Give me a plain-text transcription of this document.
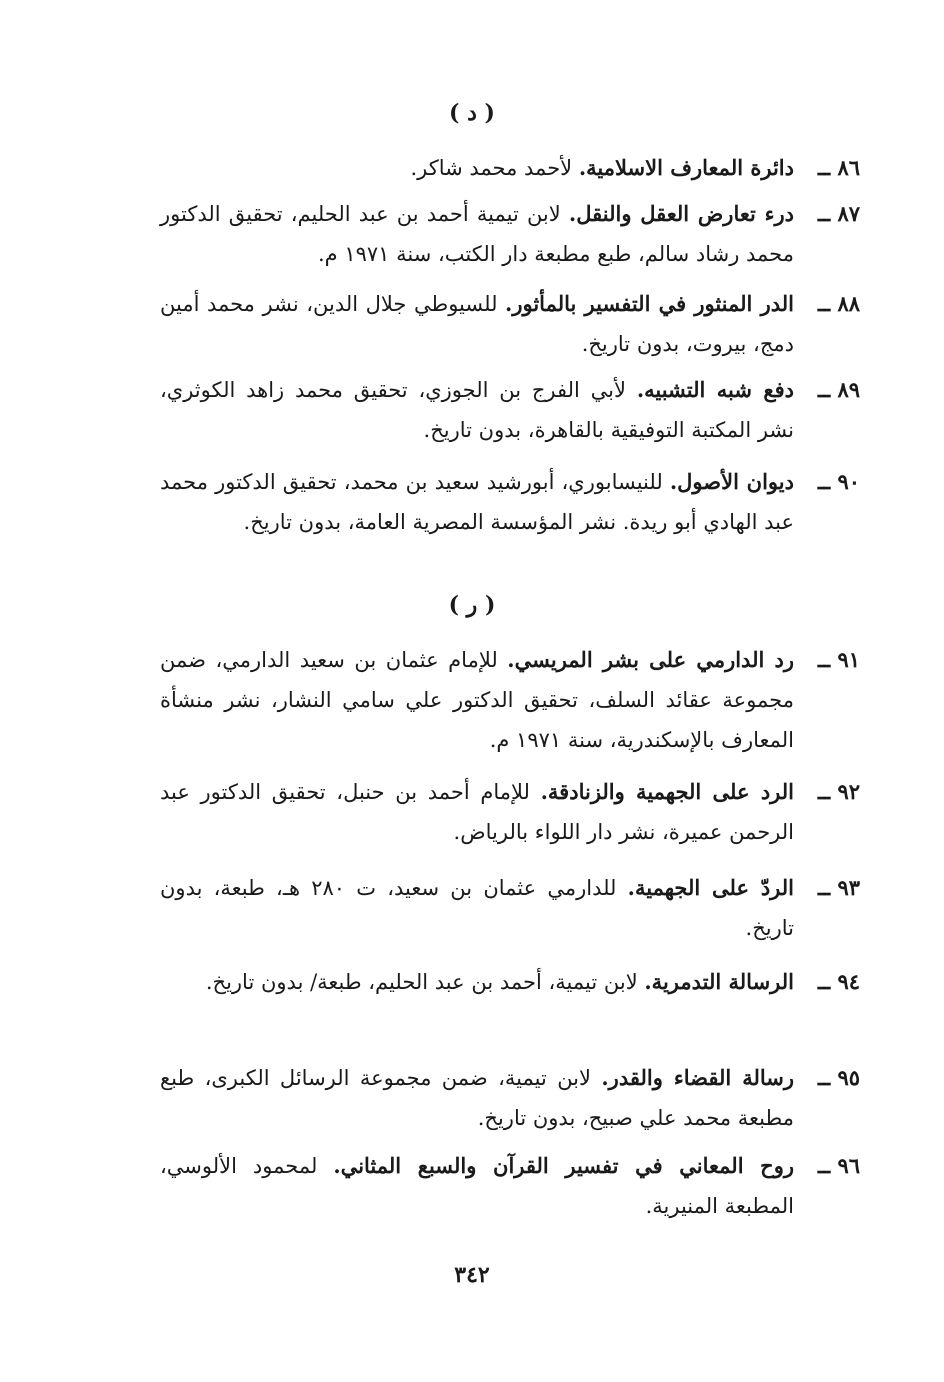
( د )
٨٦ ــ
دائرة المعارف الاسلامية. لأحمد محمد شاكر.
٨٧ ــ
درء تعارض العقل والنقل. لابن تيمية أحمد بن عبد الحليم، تحقيق الدكتور محمد رشاد سالم، طبع مطبعة دار الكتب، سنة ١٩٧١ م.
٨٨ ــ
الدر المنثور في التفسير بالمأثور. للسيوطي جلال الدين، نشر محمد أمين دمج، بيروت، بدون تاريخ.
٨٩ ــ
دفع شبه التشبيه. لأبي الفرج بن الجوزي، تحقيق محمد زاهد الكوثري، نشر المكتبة التوفيقية بالقاهرة، بدون تاريخ.
٩٠ ــ
ديوان الأصول. للنيسابوري، أبورشيد سعيد بن محمد، تحقيق الدكتور محمد عبد الهادي أبو ريدة. نشر المؤسسة المصرية العامة، بدون تاريخ.
( ر )
٩١ ــ
رد الدارمي على بشر المريسي. للإمام عثمان بن سعيد الدارمي، ضمن مجموعة عقائد السلف، تحقيق الدكتور علي سامي النشار، نشر منشأة المعارف بالإسكندرية، سنة ١٩٧١ م.
٩٢ ــ
الرد على الجهمية والزنادقة. للإمام أحمد بن حنبل، تحقيق الدكتور عبد الرحمن عميرة، نشر دار اللواء بالرياض.
٩٣ ــ
الردّ على الجهمية. للدارمي عثمان بن سعيد، ت ٢٨٠ هـ، طبعة، بدون تاريخ.
٩٤ ــ
الرسالة التدمرية. لابن تيمية، أحمد بن عبد الحليم، طبعة/ بدون تاريخ.
٩٥ ــ
رسالة القضاء والقدر. لابن تيمية، ضمن مجموعة الرسائل الكبرى، طبع مطبعة محمد علي صبيح، بدون تاريخ.
٩٦ ــ
روح المعاني في تفسير القرآن والسبع المثاني. لمحمود الألوسي، المطبعة المنيرية.
٣٤٢
